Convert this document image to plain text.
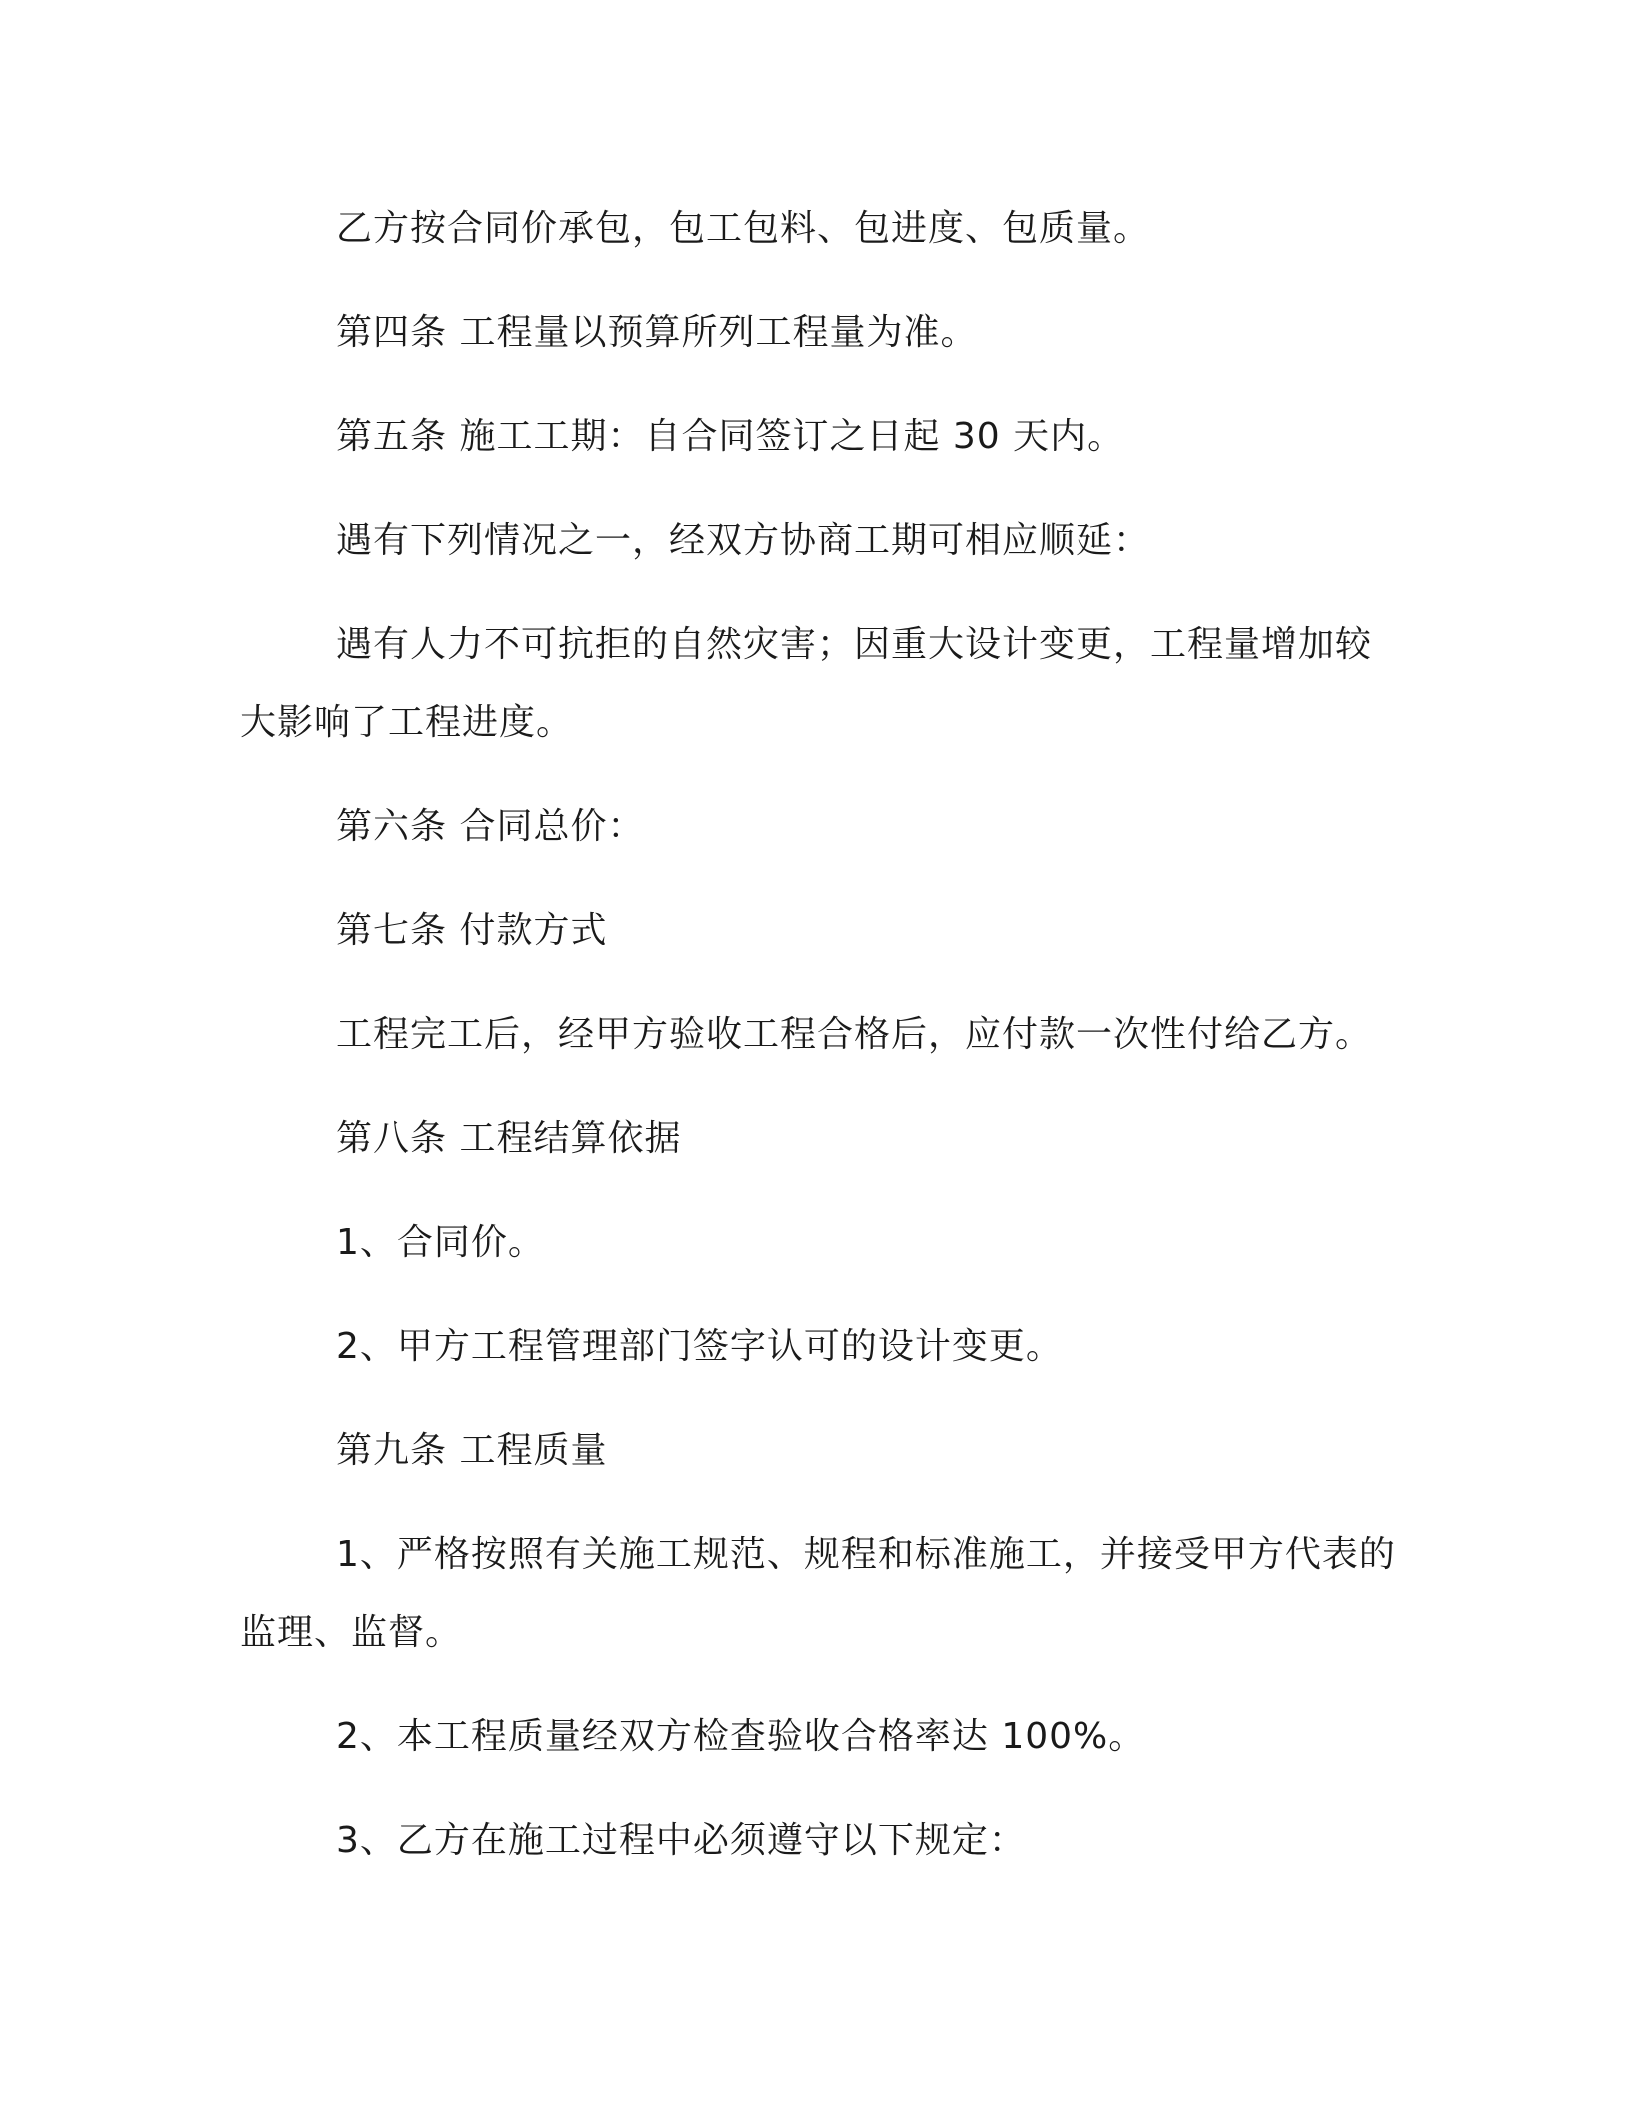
乙方按合同价承包，包工包料、包进度、包质量。

第四条 工程量以预算所列工程量为准。

第五条 施工工期：自合同签订之日起 30 天内。

遇有下列情况之一，经双方协商工期可相应顺延：

遇有人力不可抗拒的自然灾害；因重大设计变更，工程量增加较大影响了工程进度。

第六条 合同总价：

第七条 付款方式

工程完工后，经甲方验收工程合格后，应付款一次性付给乙方。

第八条 工程结算依据

1、合同价。

2、甲方工程管理部门签字认可的设计变更。

第九条 工程质量

1、严格按照有关施工规范、规程和标准施工，并接受甲方代表的监理、监督。

2、本工程质量经双方检查验收合格率达 100%。

3、乙方在施工过程中必须遵守以下规定：
